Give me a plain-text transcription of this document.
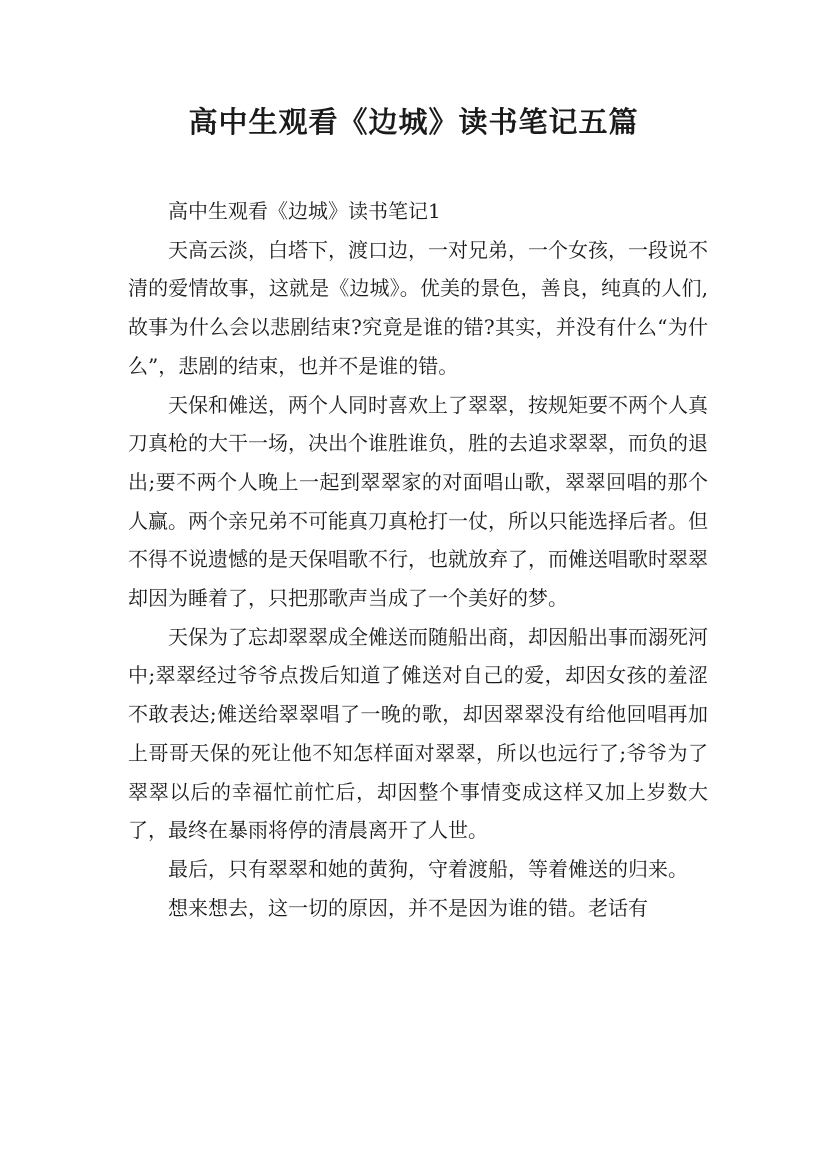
高中生观看《边城》读书笔记五篇

高中生观看《边城》读书笔记1

天高云淡，白塔下，渡口边，一对兄弟，一个女孩，一段说不清的爱情故事，这就是《边城》。优美的景色，善良，纯真的人们,故事为什么会以悲剧结束?究竟是谁的错?其实，并没有什么“为什么”，悲剧的结束，也并不是谁的错。

天保和傩送，两个人同时喜欢上了翠翠，按规矩要不两个人真刀真枪的大干一场，决出个谁胜谁负，胜的去追求翠翠，而负的退出;要不两个人晚上一起到翠翠家的对面唱山歌，翠翠回唱的那个人赢。两个亲兄弟不可能真刀真枪打一仗，所以只能选择后者。但不得不说遗憾的是天保唱歌不行，也就放弃了，而傩送唱歌时翠翠却因为睡着了，只把那歌声当成了一个美好的梦。

天保为了忘却翠翠成全傩送而随船出商，却因船出事而溺死河中;翠翠经过爷爷点拨后知道了傩送对自己的爱，却因女孩的羞涩不敢表达;傩送给翠翠唱了一晚的歌，却因翠翠没有给他回唱再加上哥哥天保的死让他不知怎样面对翠翠，所以也远行了;爷爷为了翠翠以后的幸福忙前忙后，却因整个事情变成这样又加上岁数大了，最终在暴雨将停的清晨离开了人世。

最后，只有翠翠和她的黄狗，守着渡船，等着傩送的归来。

想来想去，这一切的原因，并不是因为谁的错。老话有
